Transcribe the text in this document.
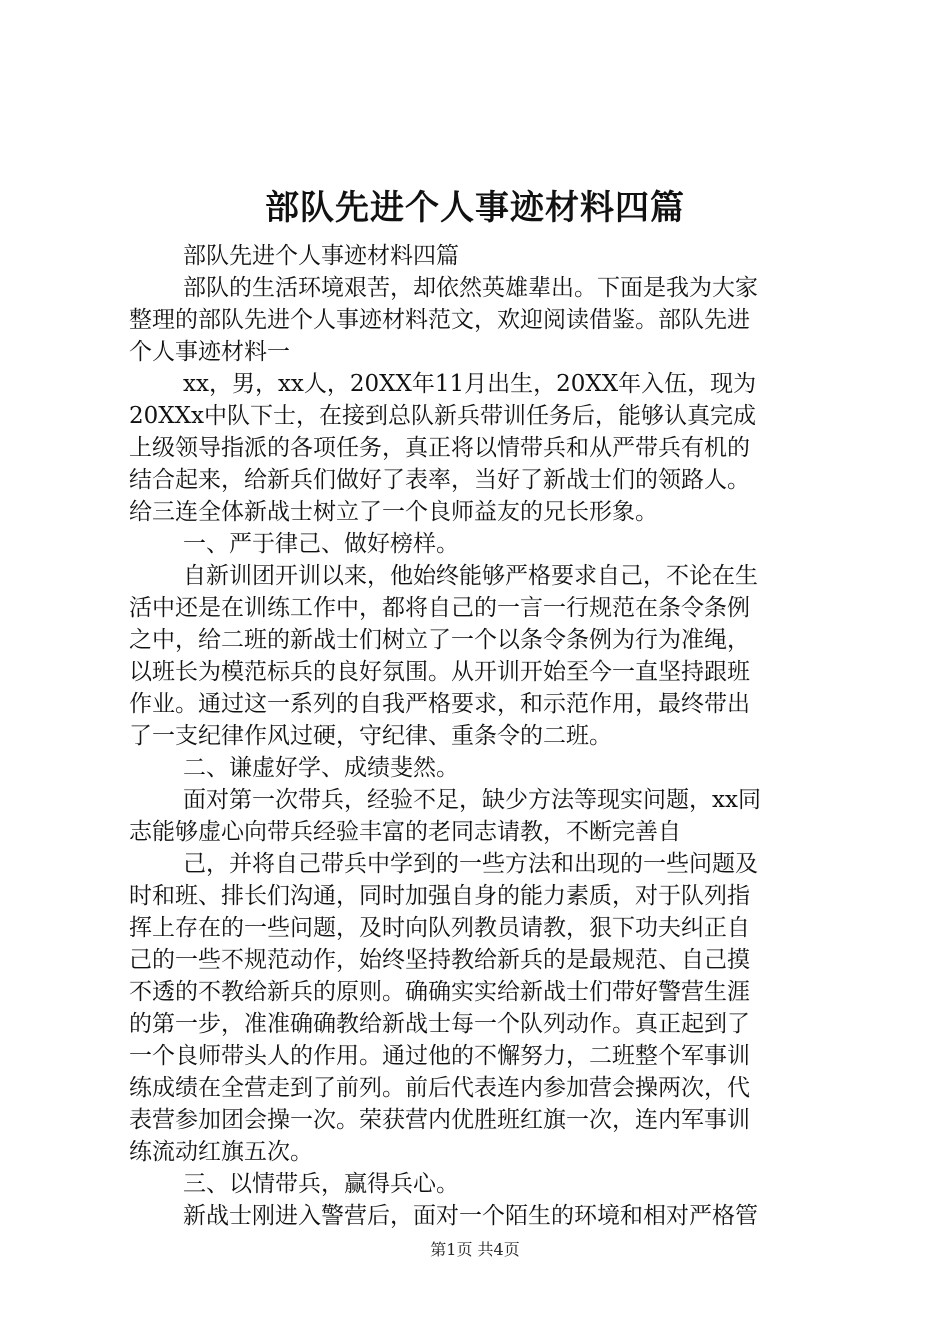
部队先进个人事迹材料四篇
部队先进个人事迹材料四篇
部队的生活环境艰苦，却依然英雄辈出。下面是我为大家
整理的部队先进个人事迹材料范文，欢迎阅读借鉴。部队先进
个人事迹材料一
xx，男，xx人，20XX年11月出生，20XX年入伍，现为
20XXx中队下士，在接到总队新兵带训任务后，能够认真完成
上级领导指派的各项任务，真正将以情带兵和从严带兵有机的
结合起来，给新兵们做好了表率，当好了新战士们的领路人。
给三连全体新战士树立了一个良师益友的兄长形象。
一、严于律己、做好榜样。
自新训团开训以来，他始终能够严格要求自己，不论在生
活中还是在训练工作中，都将自己的一言一行规范在条令条例
之中，给二班的新战士们树立了一个以条令条例为行为准绳，
以班长为模范标兵的良好氛围。从开训开始至今一直坚持跟班
作业。通过这一系列的自我严格要求，和示范作用，最终带出
了一支纪律作风过硬，守纪律、重条令的二班。
二、谦虚好学、成绩斐然。
面对第一次带兵，经验不足，缺少方法等现实问题，xx同
志能够虚心向带兵经验丰富的老同志请教，不断完善自
己，并将自己带兵中学到的一些方法和出现的一些问题及
时和班、排长们沟通，同时加强自身的能力素质，对于队列指
挥上存在的一些问题，及时向队列教员请教，狠下功夫纠正自
己的一些不规范动作，始终坚持教给新兵的是最规范、自己摸
不透的不教给新兵的原则。确确实实给新战士们带好警营生涯
的第一步，准准确确教给新战士每一个队列动作。真正起到了
一个良师带头人的作用。通过他的不懈努力，二班整个军事训
练成绩在全营走到了前列。前后代表连内参加营会操两次，代
表营参加团会操一次。荣获营内优胜班红旗一次，连内军事训
练流动红旗五次。
三、以情带兵，赢得兵心。
新战士刚进入警营后，面对一个陌生的环境和相对严格管
第1页 共4页
